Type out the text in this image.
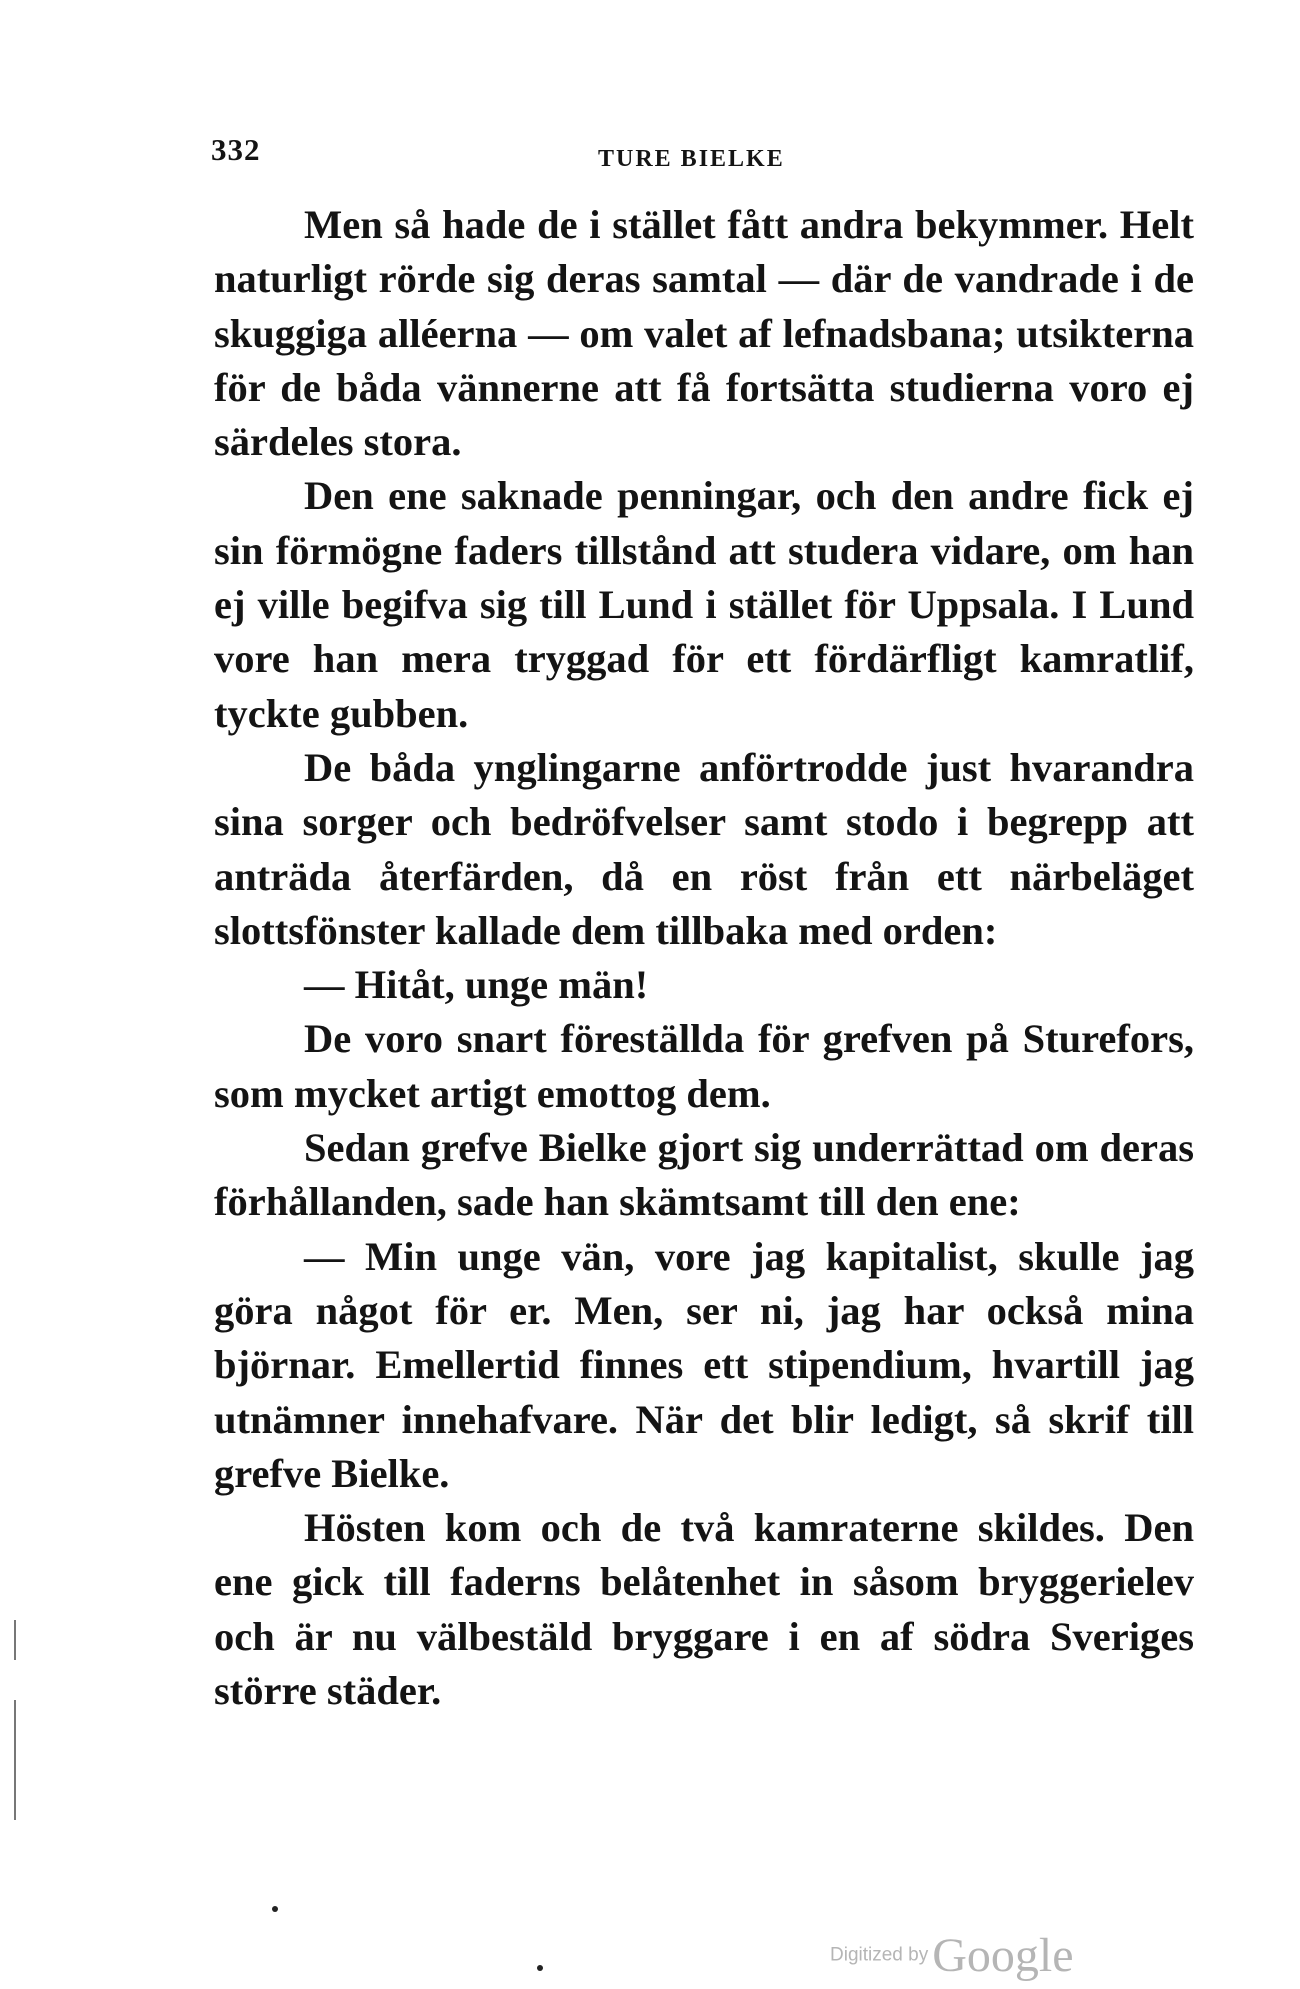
332	TURE BIELKE

Men så hade de i stället fått andra bekymmer. Helt naturligt rörde sig deras samtal — där de vandrade i de skuggiga alléerna — om valet af lefnadsbana; utsikterna för de båda vännerne att få fortsätta studierna voro ej särdeles stora.

Den ene saknade penningar, och den andre fick ej sin förmögne faders tillstånd att studera vidare, om han ej ville begifva sig till Lund i stället för Uppsala. I Lund vore han mera tryggad för ett fördärfligt kamratlif, tyckte gubben.

De båda ynglingarne anförtrodde just hvarandra sina sorger och bedröfvelser samt stodo i begrepp att anträda återfärden, då en röst från ett närbeläget slottsfönster kallade dem tillbaka med orden:

— Hitåt, unge män!

De voro snart föreställda för grefven på Sturefors, som mycket artigt emottog dem.

Sedan grefve Bielke gjort sig underrättad om deras förhållanden, sade han skämtsamt till den ene:

— Min unge vän, vore jag kapitalist, skulle jag göra något för er. Men, ser ni, jag har också mina björnar. Emellertid finnes ett stipendium, hvartill jag utnämner innehafvare. När det blir ledigt, så skrif till grefve Bielke.

Hösten kom och de två kamraterne skildes. Den ene gick till faderns belåtenhet in såsom bryggerielev och är nu välbestäld bryggare i en af södra Sveriges större städer.

Digitized by Google
